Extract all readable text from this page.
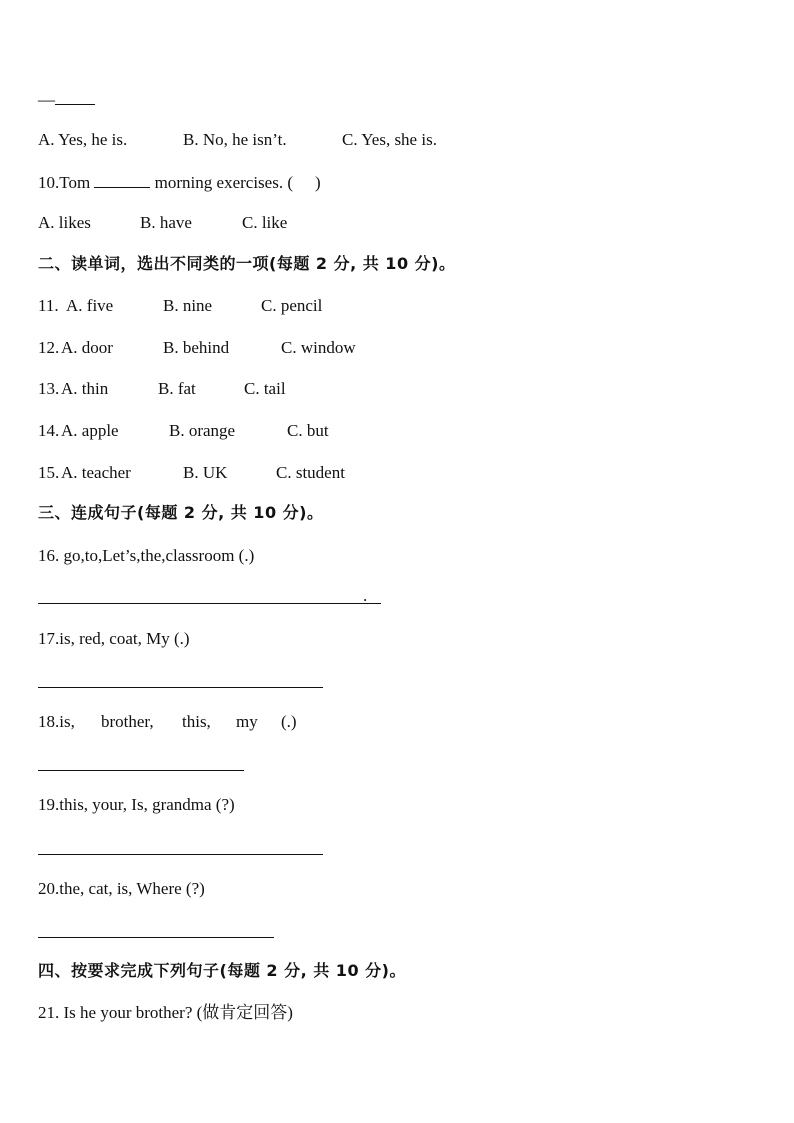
—
A. Yes, he is.	B. No, he isn’t.	C. Yes, she is.
10.Tom	morning exercises. ( )
A. likes	B. have	C. like
二、读单词，选出不同类的一项(每题 2 分, 共 10 分)。
11. A. five	B. nine	C. pencil
12. A. door	B. behind	C. window
13. A. thin	B. fat	C. tail
14. A. apple	B. orange	C. but
15. A. teacher	B. UK	C. student
三、连成句子(每题 2 分, 共 10 分)。
16. go,to,Let’s,the,classroom (.)
.
17.is, red, coat, My (.)
18.is, brother, this, my (.)
19.this, your, Is, grandma (?)
20.the, cat, is, Where (?)
四、按要求完成下列句子(每题 2 分, 共 10 分)。
21. Is he your brother? (做肯定回答)
